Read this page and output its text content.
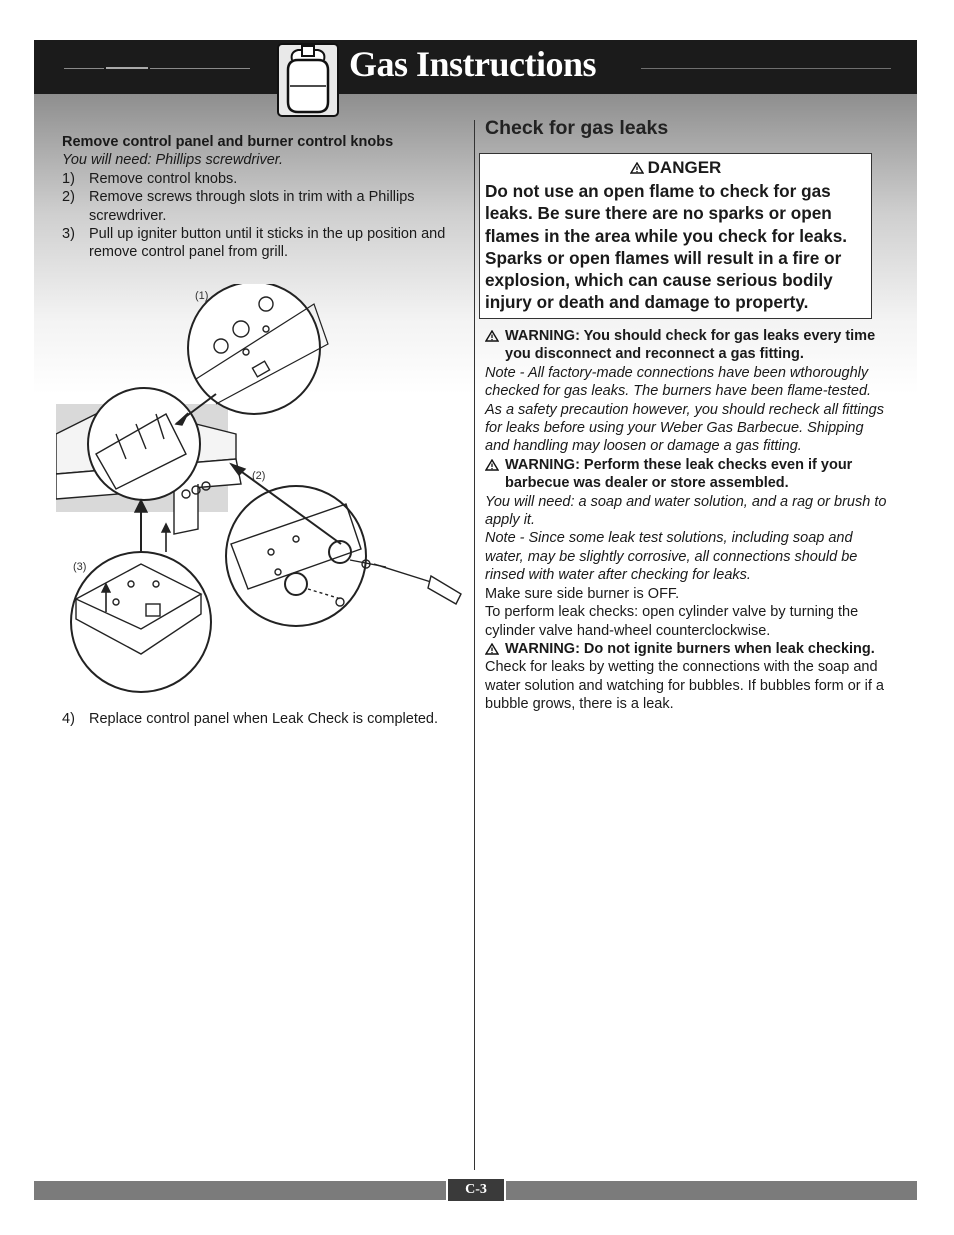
Gas Instructions
Remove control panel and burner control knobs
You will need: Phillips screwdriver.
1) Remove control knobs.
2) Remove screws through slots in trim with a Phillips screwdriver.
3) Pull up igniter button until it sticks in the up position and remove control panel from grill.
(1)
(2)
(3)
4) Replace control panel when Leak Check is completed.
Check for gas leaks
DANGER
Do not use an open flame to check for gas leaks. Be sure there are no sparks or open flames in the area while you check for leaks. Sparks or open flames will result in a fire or explosion, which can cause serious bodily injury or death and damage to property.

WARNING: You should check for gas leaks every time you disconnect and reconnect a gas fitting.

Note - All factory-made connections have been wthoroughly checked for gas leaks. The burners have been flame-tested. As a safety precaution however, you should recheck all fittings for leaks before using your Weber Gas Barbecue. Shipping and handling may loosen or damage a gas fitting.

WARNING: Perform these leak checks even if your barbecue was dealer or store assembled.

You will need: a soap and water solution, and a rag or brush to apply it.

Note - Since some leak test solutions, including soap and water, may be slightly corrosive, all connections should be rinsed with water after checking for leaks.

Make sure side burner is OFF.

To perform leak checks: open cylinder valve by turning the cylinder valve hand-wheel counterclockwise.

WARNING: Do not ignite burners when leak checking.

Check for leaks by wetting the connections with the soap and water solution and watching for bubbles. If bubbles form or if a bubble grows, there is a leak.

C-3
